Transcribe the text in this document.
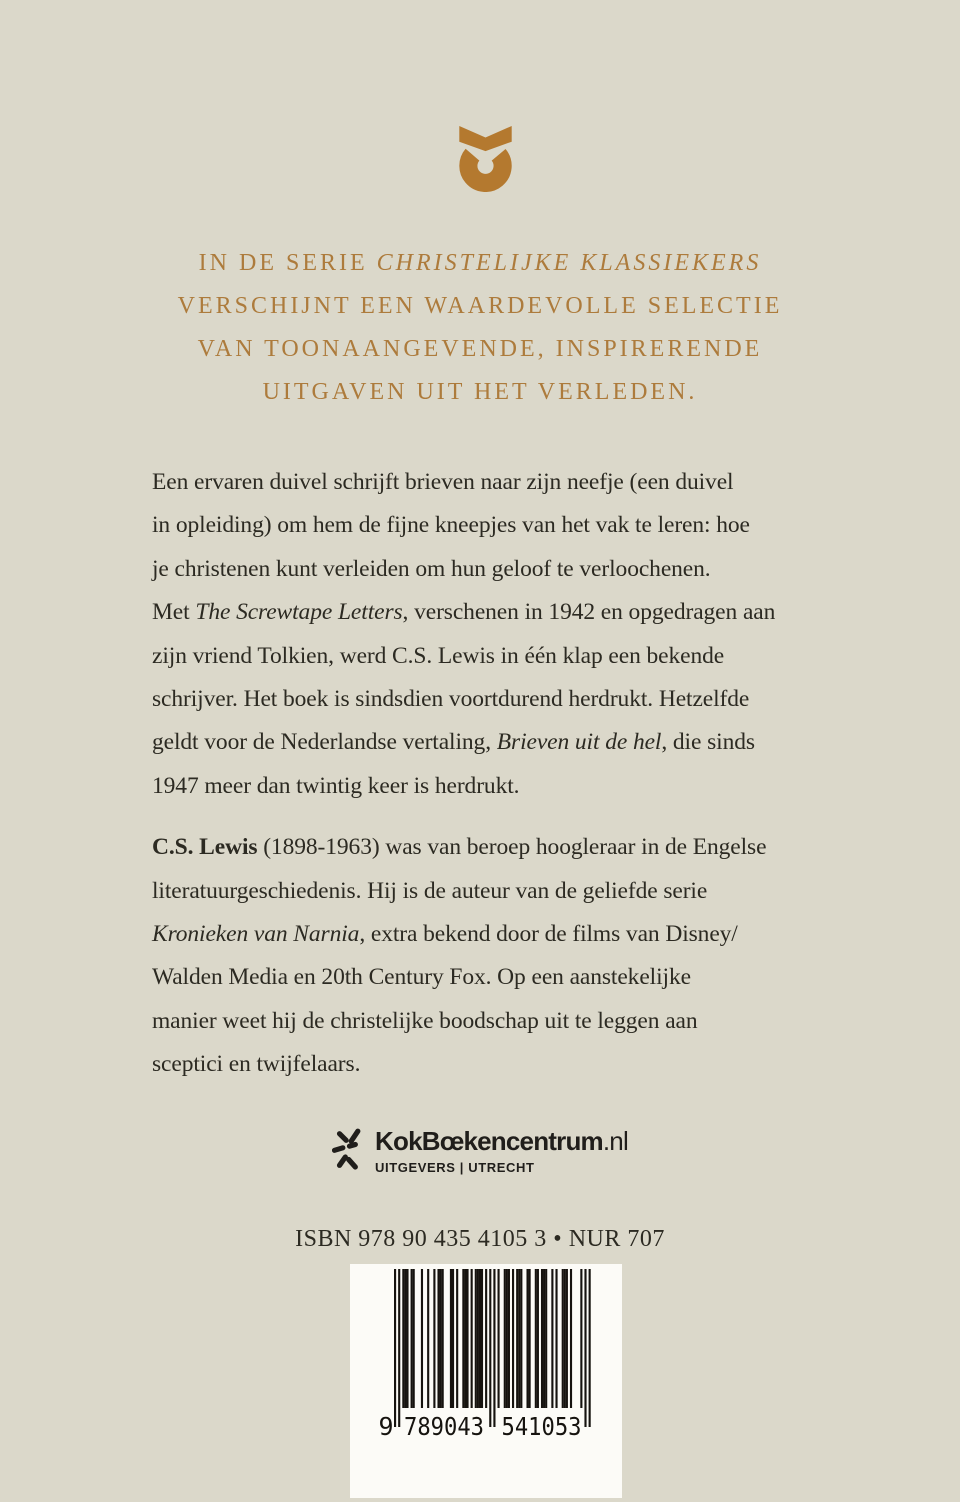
IN DE SERIE CHRISTELIJKE KLASSIEKERS
VERSCHIJNT EEN WAARDEVOLLE SELECTIE
VAN TOONAANGEVENDE, INSPIRERENDE
UITGAVEN UIT HET VERLEDEN.
Een ervaren duivel schrijft brieven naar zijn neefje (een duivel
in opleiding) om hem de fijne kneepjes van het vak te leren: hoe
je christenen kunt verleiden om hun geloof te verloochenen.
Met The Screwtape Letters, verschenen in 1942 en opgedragen aan
zijn vriend Tolkien, werd C.S. Lewis in één klap een bekende
schrijver. Het boek is sindsdien voortdurend herdrukt. Hetzelfde
geldt voor de Nederlandse vertaling, Brieven uit de hel, die sinds
1947 meer dan twintig keer is herdrukt.
C.S. Lewis (1898-1963) was van beroep hoogleraar in de Engelse
literatuurgeschiedenis. Hij is de auteur van de geliefde serie
Kronieken van Narnia, extra bekend door de films van Disney/
Walden Media en 20th Century Fox. Op een aanstekelijke
manier weet hij de christelijke boodschap uit te leggen aan
sceptici en twijfelaars.
KokBœkencentrum.nl
UITGEVERS | UTRECHT
ISBN 978 90 435 4105 3 • NUR 707
9 789043 541053
